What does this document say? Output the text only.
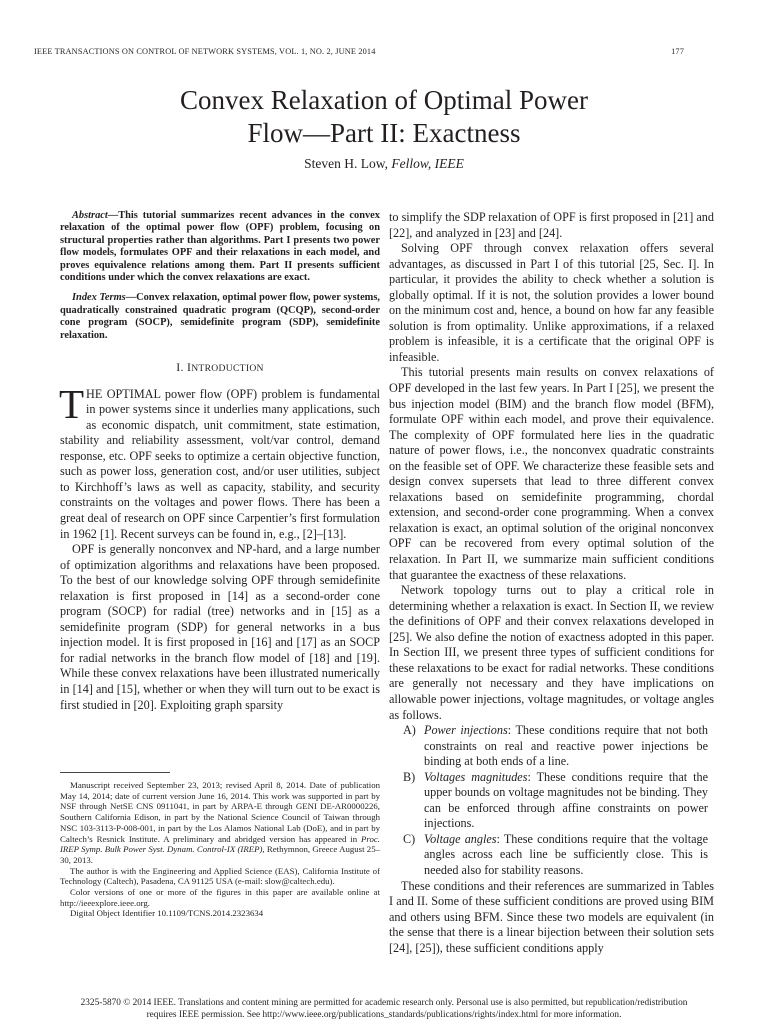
IEEE TRANSACTIONS ON CONTROL OF NETWORK SYSTEMS, VOL. 1, NO. 2, JUNE 2014	177
Convex Relaxation of Optimal Power
Flow—Part II: Exactness
Steven H. Low, Fellow, IEEE

Abstract—This tutorial summarizes recent advances in the convex relaxation of the optimal power flow (OPF) problem, focusing on structural properties rather than algorithms. Part I presents two power flow models, formulates OPF and their relaxations in each model, and proves equivalence relations among them. Part II presents sufficient conditions under which the convex relaxations are exact.

Index Terms—Convex relaxation, optimal power flow, power systems, quadratically constrained quadratic program (QCQP), second-order cone program (SOCP), semidefinite program (SDP), semidefinite relaxation.

I. INTRODUCTION

THE OPTIMAL power flow (OPF) problem is fundamental in power systems since it underlies many applications, such as economic dispatch, unit commitment, state estimation, stability and reliability assessment, volt/var control, demand response, etc. OPF seeks to optimize a certain objective function, such as power loss, generation cost, and/or user utilities, subject to Kirchhoff’s laws as well as capacity, stability, and security constraints on the voltages and power flows. There has been a great deal of research on OPF since Carpentier’s first formulation in 1962 [1]. Recent surveys can be found in, e.g., [2]–[13].

OPF is generally nonconvex and NP-hard, and a large number of optimization algorithms and relaxations have been proposed. To the best of our knowledge solving OPF through semidefinite relaxation is first proposed in [14] as a second-order cone program (SOCP) for radial (tree) networks and in [15] as a semidefinite program (SDP) for general networks in a bus injection model. It is first proposed in [16] and [17] as an SOCP for radial networks in the branch flow model of [18] and [19]. While these convex relaxations have been illustrated numerically in [14] and [15], whether or when they will turn out to be exact is first studied in [20]. Exploiting graph sparsity

to simplify the SDP relaxation of OPF is first proposed in [21] and [22], and analyzed in [23] and [24].

Solving OPF through convex relaxation offers several advantages, as discussed in Part I of this tutorial [25, Sec. I]. In particular, it provides the ability to check whether a solution is globally optimal. If it is not, the solution provides a lower bound on the minimum cost and, hence, a bound on how far any feasible solution is from optimality. Unlike approximations, if a relaxed problem is infeasible, it is a certificate that the original OPF is infeasible.

This tutorial presents main results on convex relaxations of OPF developed in the last few years. In Part I [25], we present the bus injection model (BIM) and the branch flow model (BFM), formulate OPF within each model, and prove their equivalence. The complexity of OPF formulated here lies in the quadratic nature of power flows, i.e., the nonconvex quadratic constraints on the feasible set of OPF. We characterize these feasible sets and design convex supersets that lead to three different convex relaxations based on semidefinite programming, chordal extension, and second-order cone programming. When a convex relaxation is exact, an optimal solution of the original nonconvex OPF can be recovered from every optimal solution of the relaxation. In Part II, we summarize main sufficient conditions that guarantee the exactness of these relaxations.

Network topology turns out to play a critical role in determining whether a relaxation is exact. In Section II, we review the definitions of OPF and their convex relaxations developed in [25]. We also define the notion of exactness adopted in this paper. In Section III, we present three types of sufficient conditions for these relaxations to be exact for radial networks. These conditions are generally not necessary and they have implications on allowable power injections, voltage magnitudes, or voltage angles as follows.

A) Power injections: These conditions require that not both constraints on real and reactive power injections be binding at both ends of a line.
B) Voltages magnitudes: These conditions require that the upper bounds on voltage magnitudes not be binding. They can be enforced through affine constraints on power injections.
C) Voltage angles: These conditions require that the voltage angles across each line be sufficiently close. This is needed also for stability reasons.

These conditions and their references are summarized in Tables I and II. Some of these sufficient conditions are proved using BIM and others using BFM. Since these two models are equivalent (in the sense that there is a linear bijection between their solution sets [24], [25]), these sufficient conditions apply

Manuscript received September 23, 2013; revised April 8, 2014. Date of publication May 14, 2014; date of current version June 16, 2014. This work was supported in part by NSF through NetSE CNS 0911041, in part by ARPA-E through GENI DE-AR0000226, Southern California Edison, in part by the National Science Council of Taiwan through NSC 103-3113-P-008-001, in part by the Los Alamos National Lab (DoE), and in part by Caltech’s Resnick Institute. A preliminary and abridged version has appeared in Proc. IREP Symp. Bulk Power Syst. Dynam. Control-IX (IREP), Rethymnon, Greece August 25–30, 2013.

The author is with the Engineering and Applied Science (EAS), California Institute of Technology (Caltech), Pasadena, CA 91125 USA (e-mail: slow@caltech.edu).

Color versions of one or more of the figures in this paper are available online at http://ieeexplore.ieee.org.

Digital Object Identifier 10.1109/TCNS.2014.2323634

2325-5870 © 2014 IEEE. Translations and content mining are permitted for academic research only. Personal use is also permitted, but republication/redistribution
requires IEEE permission. See http://www.ieee.org/publications_standards/publications/rights/index.html for more information.
